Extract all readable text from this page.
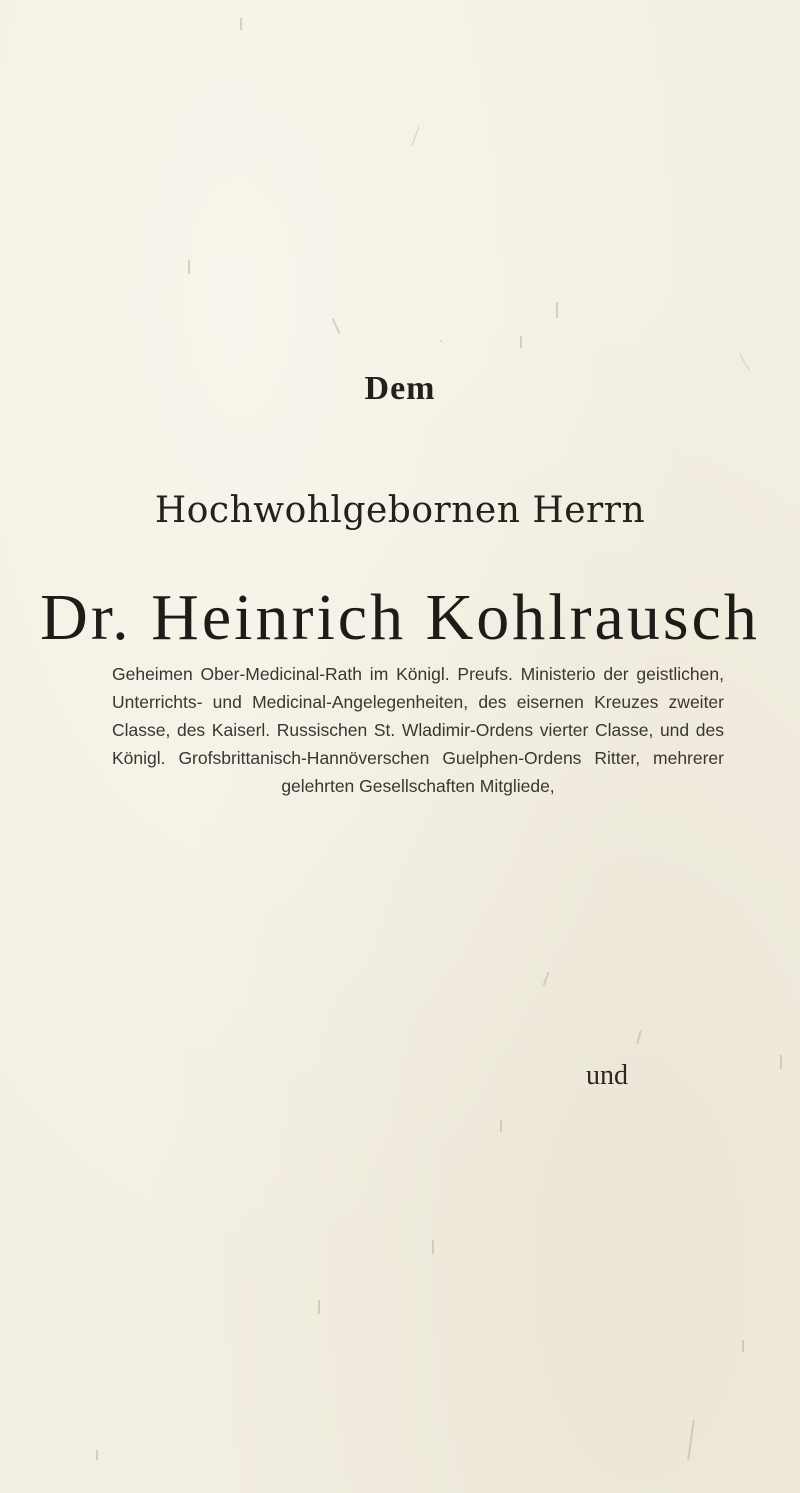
Dem
Hochwohlgebornen Herrn
Dr. Heinrich Kohlrausch
Geheimen Ober-Medicinal-Rath im Königl. Preufs. Ministerio der geistlichen, Unterrichts- und Medicinal-Angelegenheiten, des eisernen Kreuzes zweiter Classe, des Kaiserl. Russischen St. Wladimir-Ordens vierter Classe, und des Königl. Grofsbrittanisch-Hannöverschen Guelphen-Ordens Ritter, mehrerer gelehrten Gesellschaften Mitgliede,
und
